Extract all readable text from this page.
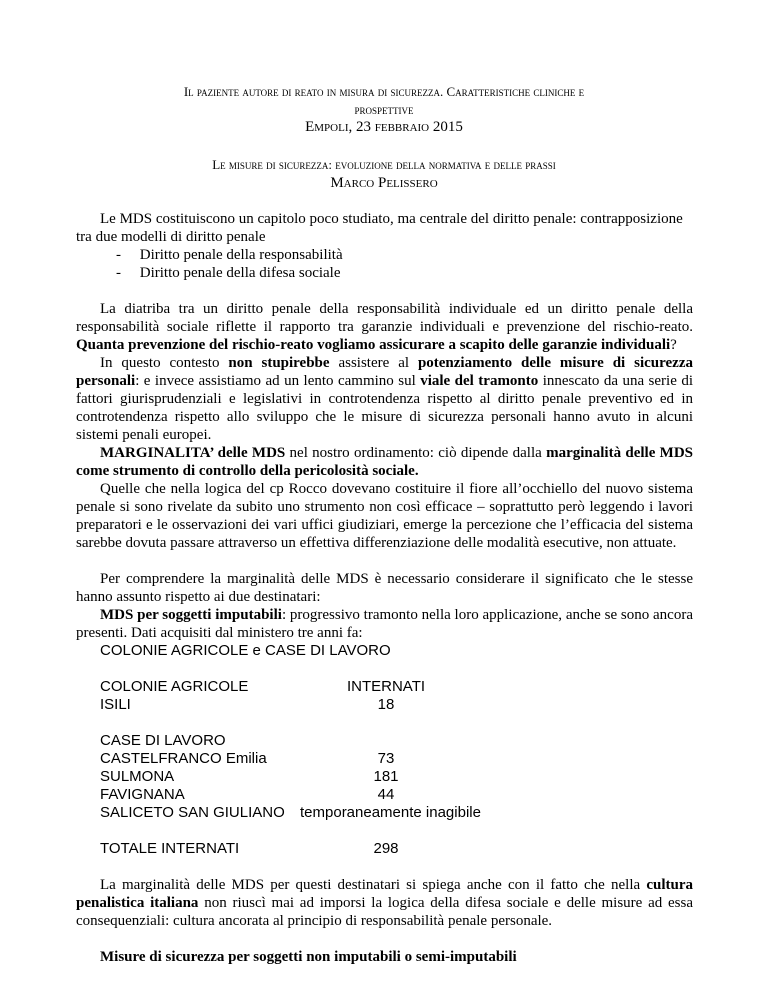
Il paziente autore di reato in misura di sicurezza. Caratteristiche cliniche e
prospettive
Empoli, 23 febbraio 2015
Le misure di sicurezza: evoluzione della normativa e delle prassi
Marco Pelissero
Le MDS costituiscono un capitolo poco studiato, ma centrale del diritto penale: contrapposizione tra due modelli di diritto penale
-     Diritto penale della responsabilità
-     Diritto penale della difesa sociale
La diatriba tra un diritto penale della responsabilità individuale ed un diritto penale della responsabilità sociale riflette il rapporto tra garanzie individuali e prevenzione del rischio-reato. Quanta prevenzione del rischio-reato vogliamo assicurare a scapito delle garanzie individuali?
In questo contesto non stupirebbe assistere al potenziamento delle misure di sicurezza personali: e invece assistiamo ad un lento cammino sul viale del tramonto innescato da una serie di fattori giurisprudenziali e legislativi in controtendenza rispetto al diritto penale preventivo ed in controtendenza rispetto allo sviluppo che le misure di sicurezza personali hanno avuto in alcuni sistemi penali europei.
MARGINALITA’ delle MDS nel nostro ordinamento: ciò dipende dalla marginalità delle MDS come strumento di controllo della pericolosità sociale.
Quelle che nella logica del cp Rocco dovevano costituire il fiore all’occhiello del nuovo sistema penale si sono rivelate da subito uno strumento non così efficace – soprattutto però leggendo i lavori preparatori e le osservazioni dei vari uffici giudiziari, emerge la percezione che l’efficacia del sistema sarebbe dovuta passare attraverso un effettiva differenziazione delle modalità esecutive, non attuate.
Per comprendere la marginalità delle MDS è necessario considerare il significato che le stesse hanno assunto rispetto ai due destinatari:
MDS per soggetti imputabili: progressivo tramonto nella loro applicazione, anche se sono ancora presenti. Dati acquisiti dal ministero tre anni fa:
COLONIE AGRICOLE e CASE DI LAVORO
COLONIE AGRICOLE	INTERNATI
ISILI	18
CASE DI LAVORO
CASTELFRANCO Emilia	73
SULMONA	181
FAVIGNANA	44
SALICETO SAN GIULIANO temporaneamente inagibile
TOTALE INTERNATI	298
La marginalità delle MDS per questi destinatari si spiega anche con il fatto che nella cultura penalistica italiana non riuscì mai ad imporsi la logica della difesa sociale e delle misure ad essa consequenziali: cultura ancorata al principio di responsabilità penale personale.
Misure di sicurezza per soggetti non imputabili o semi-imputabili
